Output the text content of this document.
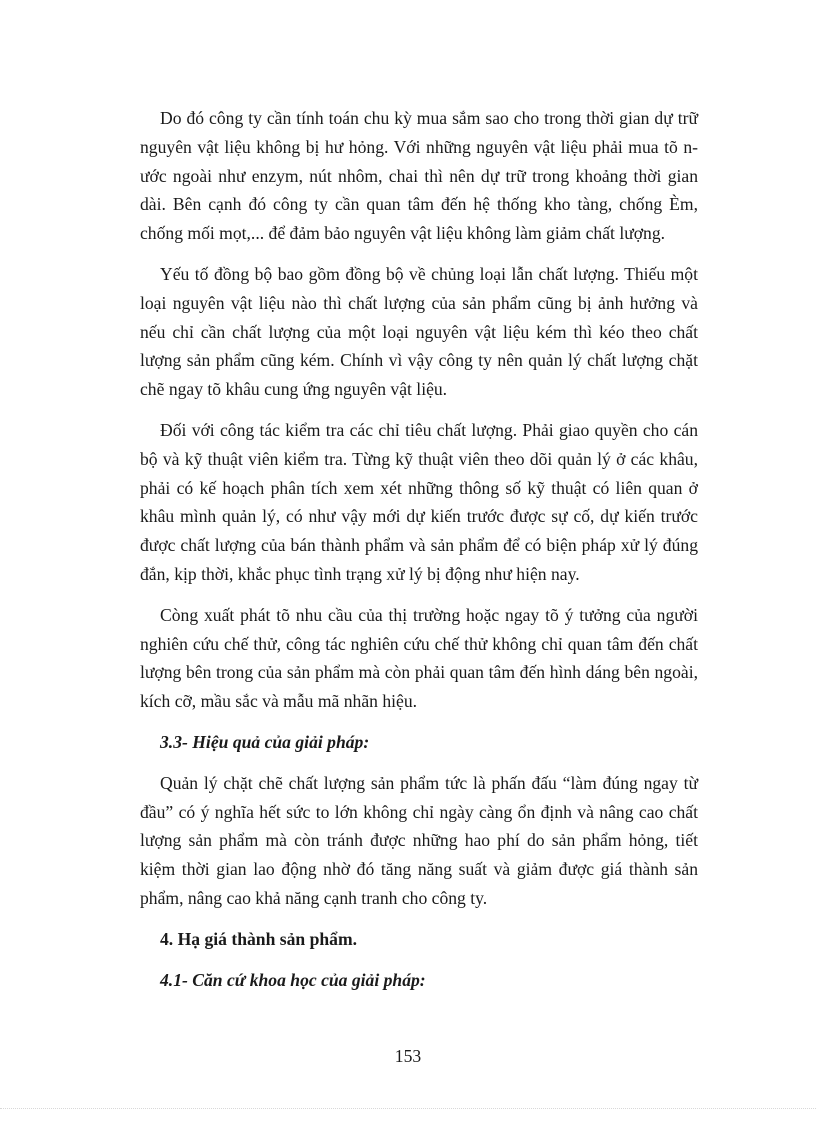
Do đó công ty cần tính toán chu kỳ mua sắm sao cho trong thời gian dự trữ nguyên vật liệu không bị hư hỏng. Với những nguyên vật liệu phải mua tõ nước ngoài như enzym, nút nhôm, chai thì nên dự trữ trong khoảng thời gian dài. Bên cạnh đó công ty cần quan tâm đến hệ thống kho tàng, chống Èm, chống mối mọt,... để đảm bảo nguyên vật liệu không làm giảm chất lượng.

Yếu tố đồng bộ bao gồm đồng bộ về chủng loại lẫn chất lượng. Thiếu một loại nguyên vật liệu nào thì chất lượng của sản phẩm cũng bị ảnh hưởng và nếu chỉ cần chất lượng của một loại nguyên vật liệu kém thì kéo theo chất lượng sản phẩm cũng kém. Chính vì vậy công ty nên quản lý chất lượng chặt chẽ ngay tõ khâu cung ứng nguyên vật liệu.

Đối với công tác kiểm tra các chỉ tiêu chất lượng. Phải giao quyền cho cán bộ và kỹ thuật viên kiểm tra. Từng kỹ thuật viên theo dõi quản lý ở các khâu, phải có kế hoạch phân tích xem xét những thông số kỹ thuật có liên quan ở khâu mình quản lý, có như vậy mới dự kiến trước được sự cố, dự kiến trước được chất lượng của bán thành phẩm và sản phẩm để có biện pháp xử lý đúng đắn, kịp thời, khắc phục tình trạng xử lý bị động như hiện nay.

Còng xuất phát tõ nhu cầu của thị trường hoặc ngay tõ ý tưởng của người nghiên cứu chế thử, công tác nghiên cứu chế thử không chỉ quan tâm đến chất lượng bên trong của sản phẩm mà còn phải quan tâm đến hình dáng bên ngoài, kích cỡ, mầu sắc và mẫu mã nhãn hiệu.

3.3- Hiệu quả của giải pháp:

Quản lý chặt chẽ chất lượng sản phẩm tức là phấn đấu “làm đúng ngay từ đầu” có ý nghĩa hết sức to lớn không chỉ ngày càng ổn định và nâng cao chất lượng sản phẩm mà còn tránh được những hao phí do sản phẩm hỏng, tiết kiệm thời gian lao động nhờ đó tăng năng suất và giảm được giá thành sản phẩm, nâng cao khả năng cạnh tranh cho công ty.

4. Hạ giá thành sản phẩm.

4.1- Căn cứ khoa học của giải pháp:

153
